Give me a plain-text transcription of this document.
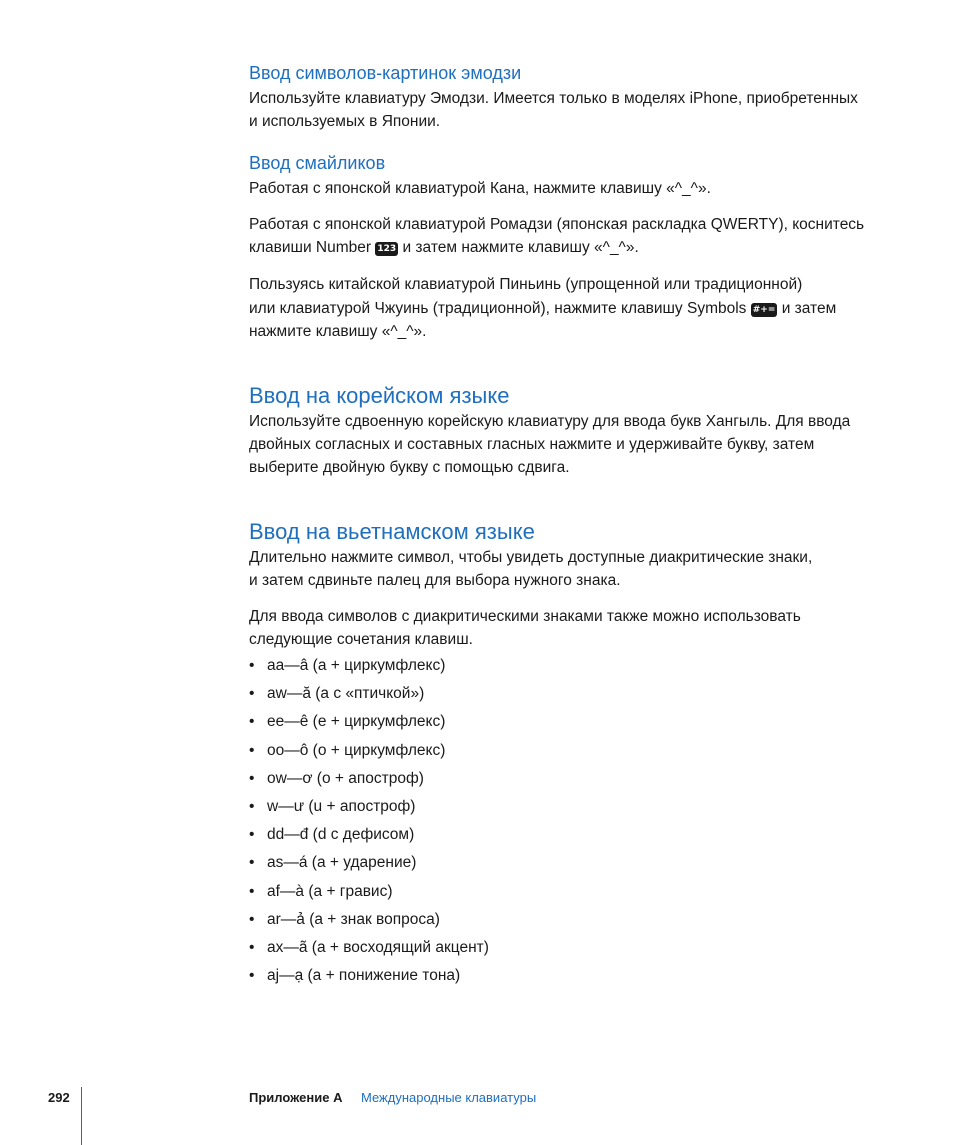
Ввод символов-картинок эмодзи
Используйте клавиатуру Эмодзи. Имеется только в моделях iPhone, приобретенных
и используемых в Японии.
Ввод смайликов
Работая с японской клавиатурой Кана, нажмите клавишу «^_^».
Работая с японской клавиатурой Ромадзи (японская раскладка QWERTY), коснитесь
клавиши Number 123 и затем нажмите клавишу «^_^».
Пользуясь китайской клавиатурой Пиньинь (упрощенной или традиционной)
или клавиатурой Чжуинь (традиционной), нажмите клавишу Symbols #+= и затем
нажмите клавишу «^_^».
Ввод на корейском языке
Используйте сдвоенную корейскую клавиатуру для ввода букв Хангыль. Для ввода
двойных согласных и составных гласных нажмите и удерживайте букву, затем
выберите двойную букву с помощью сдвига.
Ввод на вьетнамском языке
Длительно нажмите символ, чтобы увидеть доступные диакритические знаки,
и затем сдвиньте палец для выбора нужного знака.
Для ввода символов с диакритическими знаками также можно использовать
следующие сочетания клавиш.
• aa—â (a + циркумфлекс)
• aw—ă (a с «птичкой»)
• ee—ê (e + циркумфлекс)
• oo—ô (o + циркумфлекс)
• ow—ơ (o + апостроф)
• w—ư (u + апостроф)
• dd—đ (d с дефисом)
• as—á (a + ударение)
• af—à (a + гравис)
• ar—ả (a + знак вопроса)
• ax—ã (a + восходящий акцент)
• aj—ạ (a + понижение тона)
292	Приложение A Международные клавиатуры
